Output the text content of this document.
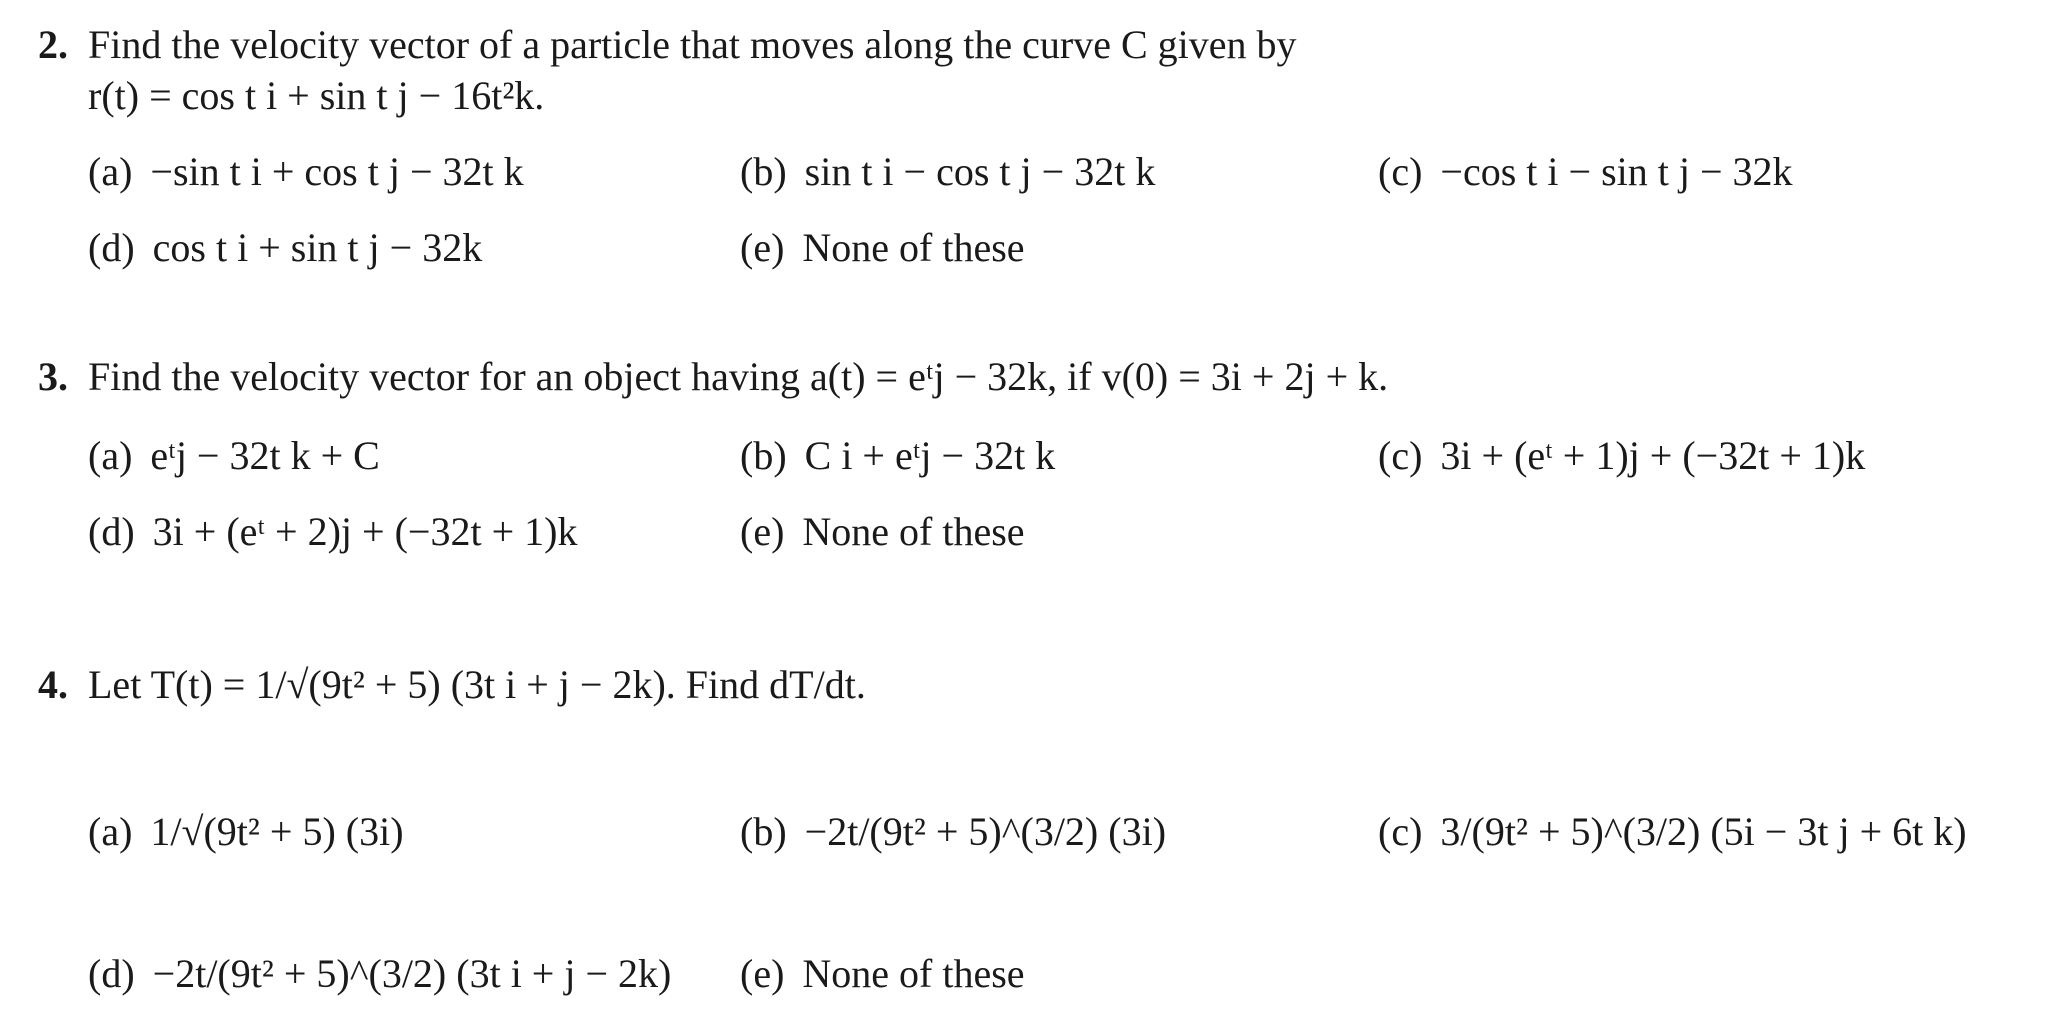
2. Find the velocity vector of a particle that moves along the curve C given by
r(t) = cos t i + sin t j − 16t²k.
(a) −sin t i + cos t j − 32t k	(b) sin t i − cos t j − 32t k	(c) −cos t i − sin t j − 32k
(d) cos t i + sin t j − 32k	(e) None of these
3. Find the velocity vector for an object having a(t) = eᵗj − 32k, if v(0) = 3i + 2j + k.
(a) eᵗj − 32t k + C	(b) C i + eᵗj − 32t k	(c) 3i + (eᵗ + 1)j + (−32t + 1)k
(d) 3i + (eᵗ + 2)j + (−32t + 1)k	(e) None of these
4. Let T(t) = 1/√(9t² + 5) (3t i + j − 2k). Find dT/dt.
(a) 1/√(9t² + 5) (3i)	(b) −2t/(9t² + 5)^(3/2) (3i)	(c) 3/(9t² + 5)^(3/2) (5i − 3t j + 6t k)
(d) −2t/(9t² + 5)^(3/2) (3t i + j − 2k) (e) None of these
